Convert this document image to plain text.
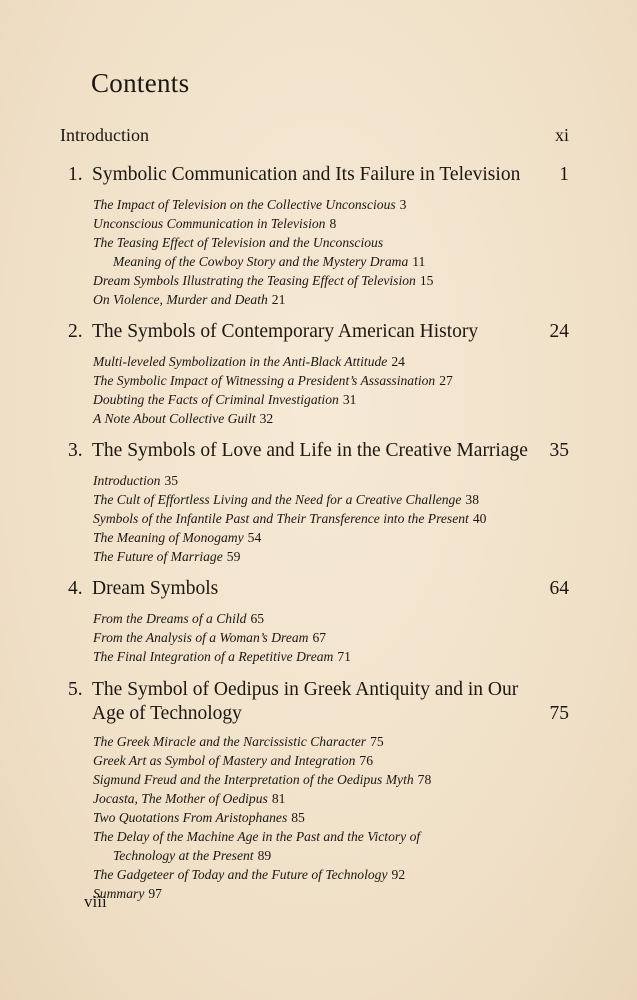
Contents
Introduction	xi
1. Symbolic Communication and Its Failure in Television	1
The Impact of Television on the Collective Unconscious 3
Unconscious Communication in Television 8
The Teasing Effect of Television and the Unconscious
Meaning of the Cowboy Story and the Mystery Drama 11
Dream Symbols Illustrating the Teasing Effect of Television 15
On Violence, Murder and Death 21
2. The Symbols of Contemporary American History	24
Multi-leveled Symbolization in the Anti-Black Attitude 24
The Symbolic Impact of Witnessing a President’s Assassination 27
Doubting the Facts of Criminal Investigation 31
A Note About Collective Guilt 32
3. The Symbols of Love and Life in the Creative Marriage 35
Introduction 35
The Cult of Effortless Living and the Need for a Creative Challenge 38
Symbols of the Infantile Past and Their Transference into the Present 40
The Meaning of Monogamy 54
The Future of Marriage 59
4. Dream Symbols	64
From the Dreams of a Child 65
From the Analysis of a Woman’s Dream 67
The Final Integration of a Repetitive Dream 71
5. The Symbol of Oedipus in Greek Antiquity and in Our
Age of Technology	75
The Greek Miracle and the Narcissistic Character 75
Greek Art as Symbol of Mastery and Integration 76
Sigmund Freud and the Interpretation of the Oedipus Myth 78
Jocasta, The Mother of Oedipus 81
Two Quotations From Aristophanes 85
The Delay of the Machine Age in the Past and the Victory of
Technology at the Present 89
The Gadgeteer of Today and the Future of Technology 92
Summary 97
viii
